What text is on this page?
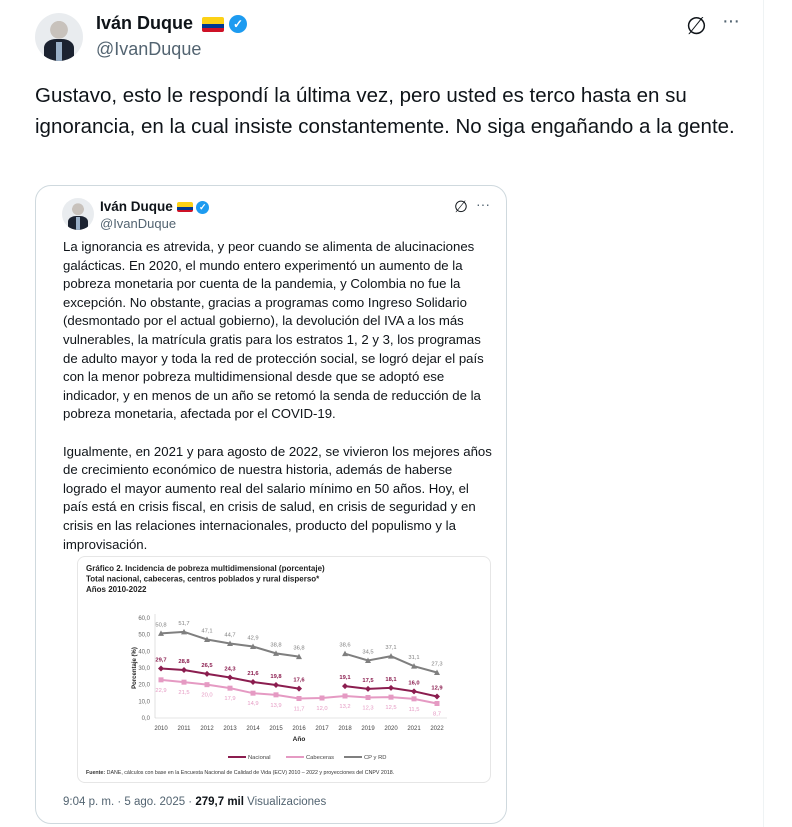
Iván Duque	✓
@IvanDuque
∅ ···
Gustavo, esto le respondí la última vez, pero usted es terco hasta en su ignorancia, en la cual insiste constantemente. No siga engañando a la gente.
Iván Duque	✓
@IvanDuque
∅ ···

La ignorancia es atrevida, y peor cuando se alimenta de alucinaciones
galácticas. En 2020, el mundo entero experimentó un aumento de la
pobreza monetaria por cuenta de la pandemia, y Colombia no fue la
excepción. No obstante, gracias a programas como Ingreso Solidario
(desmontado por el actual gobierno), la devolución del IVA a los más
vulnerables, la matrícula gratis para los estratos 1, 2 y 3, los programas
de adulto mayor y toda la red de protección social, se logró dejar el país
con la menor pobreza multidimensional desde que se adoptó ese
indicador, y en menos de un año se retomó la senda de reducción de la
pobreza monetaria, afectada por el COVID-19.

Igualmente, en 2021 y para agosto de 2022, se vivieron los mejores años
de crecimiento económico de nuestra historia, además de haberse
logrado el mayor aumento real del salario mínimo en 50 años. Hoy, el
país está en crisis fiscal, en crisis de salud, en crisis de seguridad y en
crisis en las relaciones internacionales, producto del populismo y la
improvisación.

Gráfico 2. Incidencia de pobreza multidimensional (porcentaje)
Total nacional, cabeceras, centros poblados y rural disperso*
Años 2010-2022
0,0
10,0
20,0
30,0
40,0
50,0
60,0
2010 2011 2012 2013 2014 2015 2016 2017 2018 2019 2020 2021 2022
Año
Porcentaje (%)	29,7 28,8
26,5
24,3
21,6 19,8
17,6	19,1 17,5 18,1
16,0
12,9
Nacional
22,9 21,5 20,0
17,9
14,9 13,9
11,7 12,0 13,2 12,3 12,5 11,5
8,7
Cabeceras
50,8 51,7
47,1
44,7 42,9
38,8
36,8	38,6
34,5
37,1
31,1
27,3
CP y RD
Fuente: DANE, cálculos con base en la Encuesta Nacional de Calidad de Vida (ECV) 2010 – 2022 y proyecciones del CNPV 2018.
9:04 p. m. · 5 ago. 2025 · 279,7 mil Visualizaciones
